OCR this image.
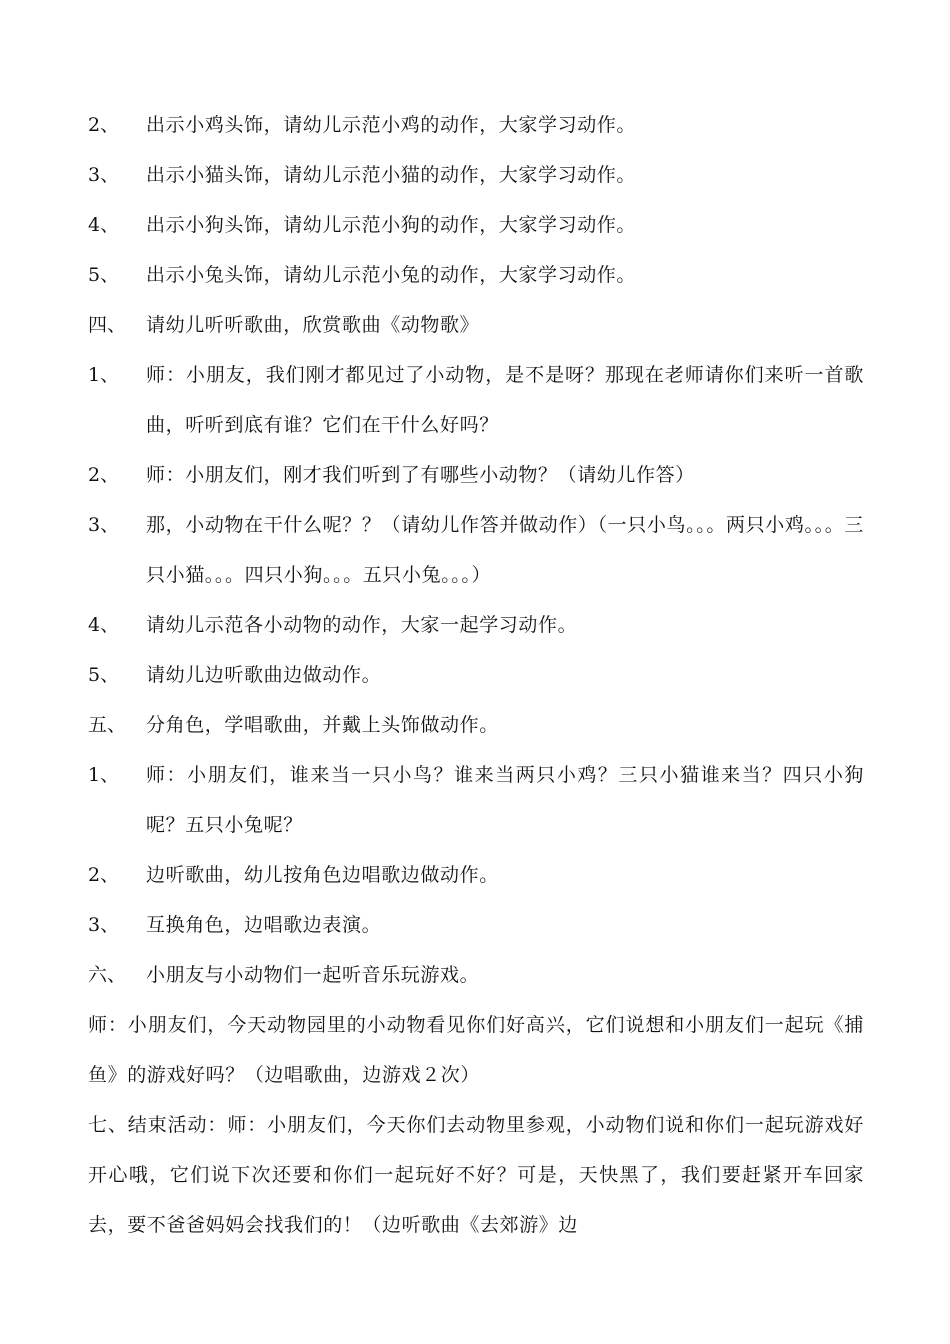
2、	出示小鸡头饰，请幼儿示范小鸡的动作，大家学习动作。
3、	出示小猫头饰，请幼儿示范小猫的动作，大家学习动作。
4、	出示小狗头饰，请幼儿示范小狗的动作，大家学习动作。
5、	出示小兔头饰，请幼儿示范小兔的动作，大家学习动作。
四、	请幼儿听听歌曲，欣赏歌曲《动物歌》
1、	师：小朋友，我们刚才都见过了小动物，是不是呀？那现在老师请你们来听一首歌曲，听听到底有谁？它们在干什么好吗？
2、	师：小朋友们，刚才我们听到了有哪些小动物？（请幼儿作答）
3、	那，小动物在干什么呢？？（请幼儿作答并做动作）（一只小鸟。。。两只小鸡。。。三只小猫。。。四只小狗。。。五只小兔。。。）
4、	请幼儿示范各小动物的动作，大家一起学习动作。
5、	请幼儿边听歌曲边做动作。
五、	分角色，学唱歌曲，并戴上头饰做动作。
1、	师：小朋友们，谁来当一只小鸟？谁来当两只小鸡？三只小猫谁来当？四只小狗呢？五只小兔呢？
2、	边听歌曲，幼儿按角色边唱歌边做动作。
3、	互换角色，边唱歌边表演。
六、	小朋友与小动物们一起听音乐玩游戏。

师：小朋友们，今天动物园里的小动物看见你们好高兴，它们说想和小朋友们一起玩《捕鱼》的游戏好吗？（边唱歌曲，边游戏２次）

七、结束活动：师：小朋友们，今天你们去动物里参观，小动物们说和你们一起玩游戏好开心哦，它们说下次还要和你们一起玩好不好？可是，天快黑了，我们要赶紧开车回家去，要不爸爸妈妈会找我们的！（边听歌曲《去郊游》边
